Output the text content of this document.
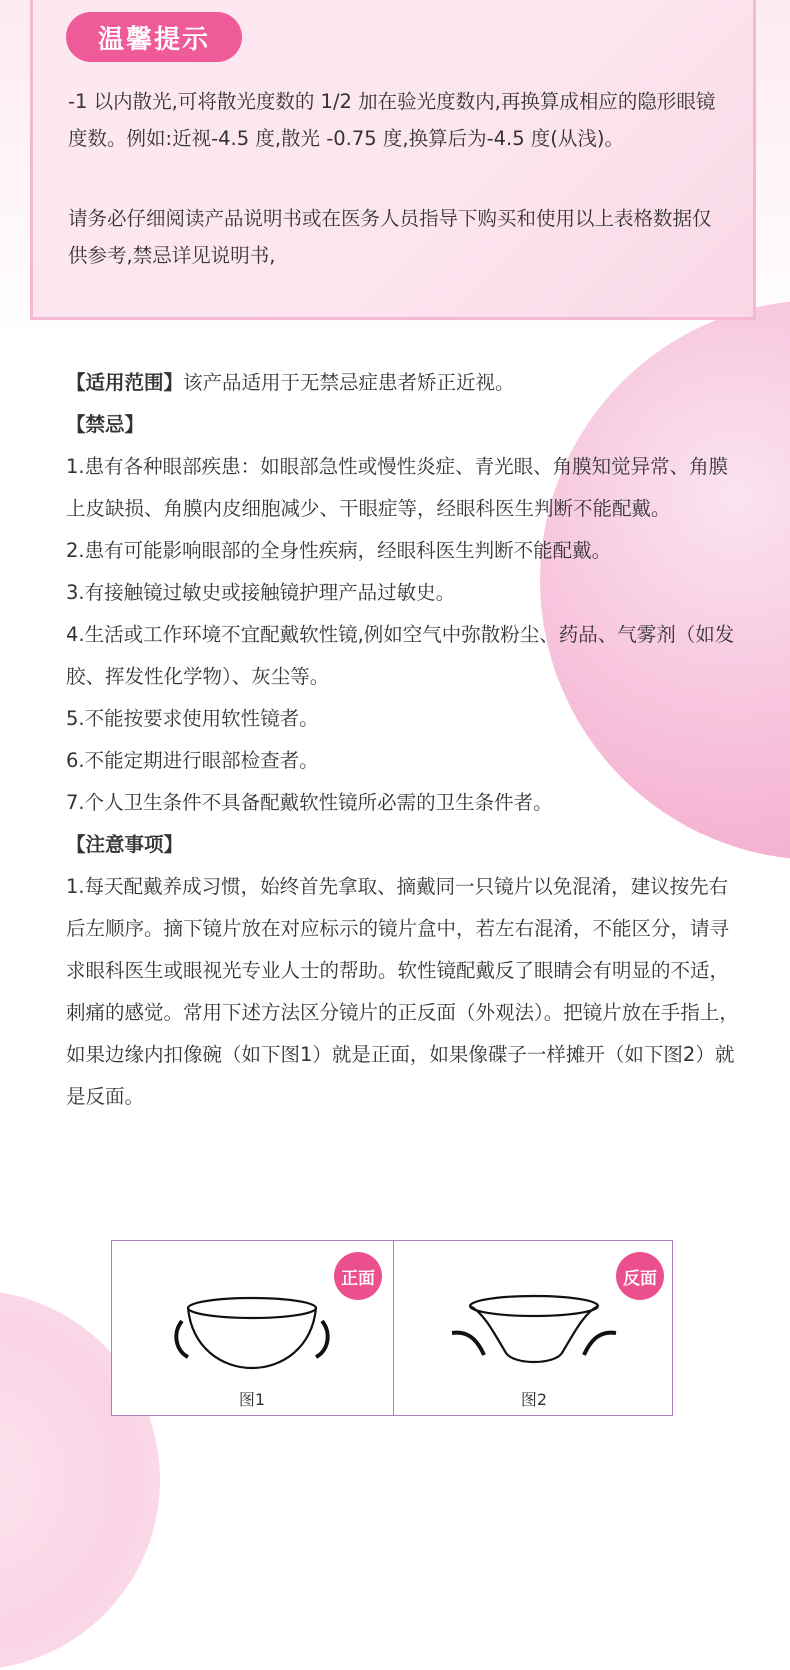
温馨提示

-1 以内散光,可将散光度数的 1/2 加在验光度数内,再换算成相应的隐形眼镜度数。例如:近视-4.5 度,散光 -0.75 度,换算后为-4.5 度(从浅)。

请务必仔细阅读产品说明书或在医务人员指导下购买和使用以上表格数据仅供参考,禁忌详见说明书,

【适用范围】该产品适用于无禁忌症患者矫正近视。

【禁忌】

1.患有各种眼部疾患：如眼部急性或慢性炎症、青光眼、角膜知觉异常、角膜上皮缺损、角膜内皮细胞减少、干眼症等，经眼科医生判断不能配戴。

2.患有可能影响眼部的全身性疾病，经眼科医生判断不能配戴。

3.有接触镜过敏史或接触镜护理产品过敏史。

4.生活或工作环境不宜配戴软性镜,例如空气中弥散粉尘、药品、气雾剂（如发胶、挥发性化学物）、灰尘等。

5.不能按要求使用软性镜者。

6.不能定期进行眼部检查者。

7.个人卫生条件不具备配戴软性镜所必需的卫生条件者。

【注意事项】

1.每天配戴养成习惯，始终首先拿取、摘戴同一只镜片以免混淆，建议按先右后左顺序。摘下镜片放在对应标示的镜片盒中，若左右混淆，不能区分，请寻求眼科医生或眼视光专业人士的帮助。软性镜配戴反了眼睛会有明显的不适，刺痛的感觉。常用下述方法区分镜片的正反面（外观法）。把镜片放在手指上，如果边缘内扣像碗（如下图1）就是正面，如果像碟子一样摊开（如下图2）就是反面。

正面
图1
反面
图2
